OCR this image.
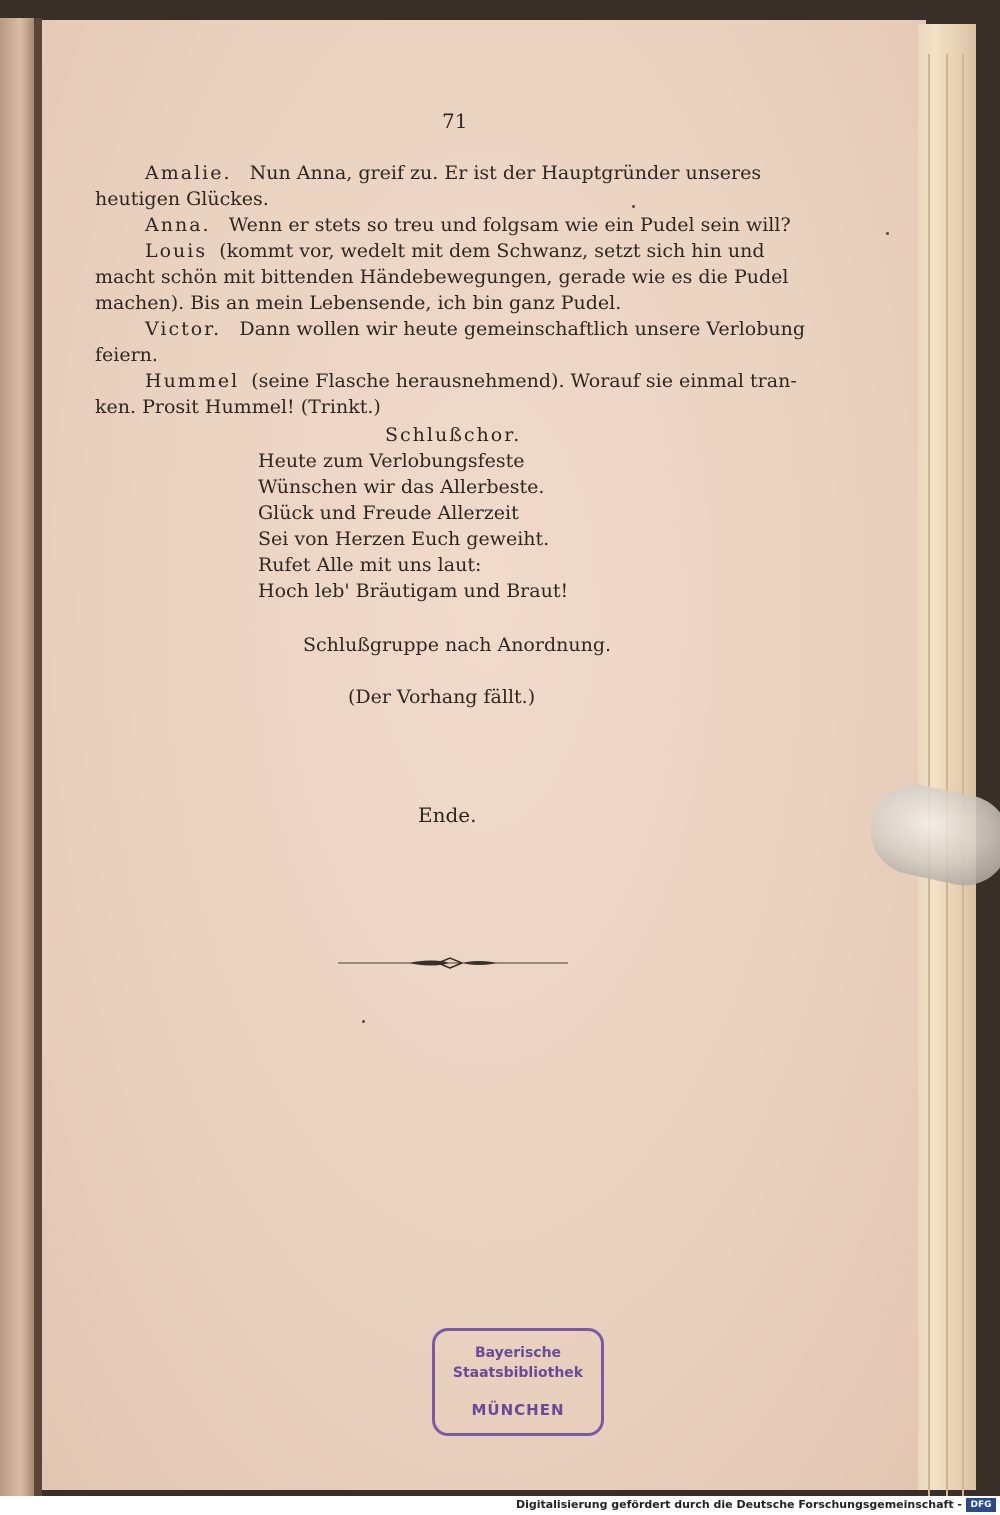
71
Amalie. Nun Anna, greif zu. Er ist der Hauptgründer unseres
heutigen Glückes.
Anna. Wenn er stets so treu und folgsam wie ein Pudel sein will?
Louis (kommt vor, wedelt mit dem Schwanz, setzt sich hin und
macht schön mit bittenden Händebewegungen, gerade wie es die Pudel
machen). Bis an mein Lebensende, ich bin ganz Pudel.
Victor. Dann wollen wir heute gemeinschaftlich unsere Verlobung
feiern.
Hummel (seine Flasche herausnehmend). Worauf sie einmal tran-
ken. Prosit Hummel! (Trinkt.)
Schlußchor.
Heute zum Verlobungsfeste
Wünschen wir das Allerbeste.
Glück und Freude Allerzeit
Sei von Herzen Euch geweiht.
Rufet Alle mit uns laut:
Hoch leb' Bräutigam und Braut!
Schlußgruppe nach Anordnung.
(Der Vorhang fällt.)
Ende.
Bayerische
Staatsbibliothek
MÜNCHEN
Digitalisierung gefördert durch die Deutsche Forschungsgemeinschaft - DFG
